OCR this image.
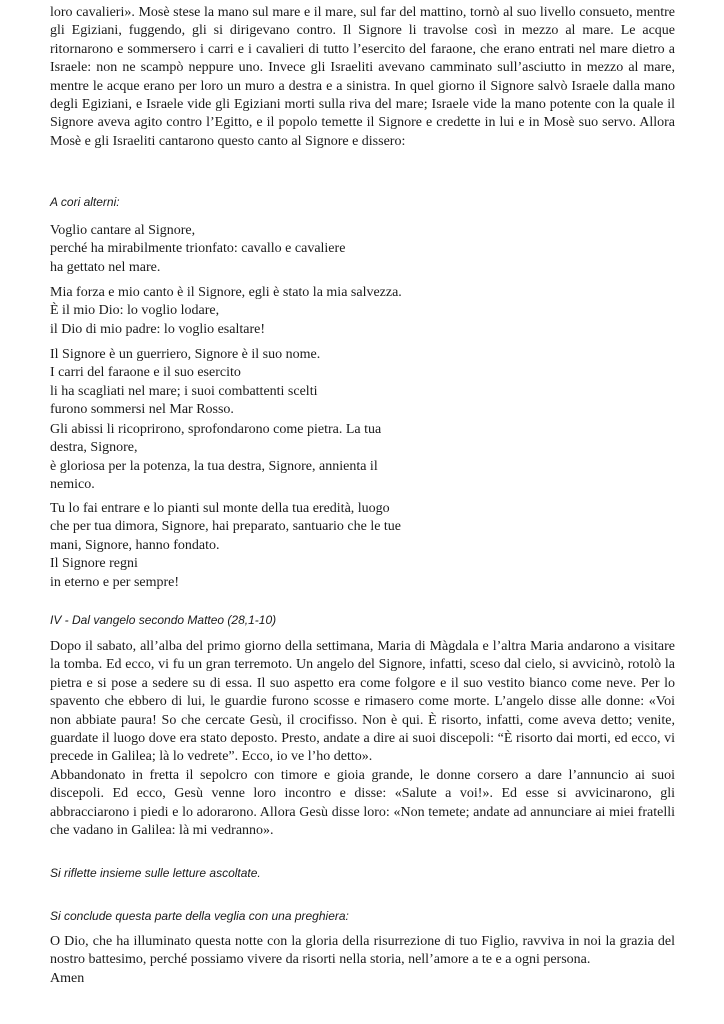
loro cavalieri». Mosè stese la mano sul mare e il mare, sul far del mattino, tornò al suo livello consueto, mentre gli Egiziani, fuggendo, gli si dirigevano contro. Il Signore li travolse così in mezzo al mare. Le acque ritornarono e sommersero i carri e i cavalieri di tutto l’esercito del faraone, che erano entrati nel mare dietro a Israele: non ne scampò neppure uno. Invece gli Israeliti avevano camminato sull’asciutto in mezzo al mare, mentre le acque erano per loro un muro a destra e a sinistra. In quel giorno il Signore salvò Israele dalla mano degli Egiziani, e Israele vide gli Egiziani morti sulla riva del mare; Israele vide la mano potente con la quale il Signore aveva agito contro l’Egitto, e il popolo temette il Signore e credette in lui e in Mosè suo servo. Allora Mosè e gli Israeliti cantarono questo canto al Signore e dissero:

A cori alterni:

Voglio cantare al Signore,
perché ha mirabilmente trionfato: cavallo e cavaliere
ha gettato nel mare.
Mia forza e mio canto è il Signore, egli è stato la mia salvezza.
È il mio Dio: lo voglio lodare,
il Dio di mio padre: lo voglio esaltare!
Il Signore è un guerriero, Signore è il suo nome.
I carri del faraone e il suo esercito
li ha scagliati nel mare; i suoi combattenti scelti
furono sommersi nel Mar Rosso.
Gli abissi li ricoprirono, sprofondarono come pietra. La tua
destra, Signore,
è gloriosa per la potenza, la tua destra, Signore, annienta il
nemico.
Tu lo fai entrare e lo pianti sul monte della tua eredità, luogo
che per tua dimora, Signore, hai preparato, santuario che le tue
mani, Signore, hanno fondato.
Il Signore regni
in eterno e per sempre!

IV - Dal vangelo secondo Matteo (28,1-10)

Dopo il sabato, all’alba del primo giorno della settimana, Maria di Màgdala e l’altra Maria andarono a visitare la tomba. Ed ecco, vi fu un gran terremoto. Un angelo del Signore, infatti, sceso dal cielo, si avvicinò, rotolò la pietra e si pose a sedere su di essa. Il suo aspetto era come folgore e il suo vestito bianco come neve. Per lo spavento che ebbero di lui, le guardie furono scosse e rimasero come morte. L’angelo disse alle donne: «Voi non abbiate paura! So che cercate Gesù, il crocifisso. Non è qui. È risorto, infatti, come aveva detto; venite, guardate il luogo dove era stato deposto. Presto, andate a dire ai suoi discepoli: “È risorto dai morti, ed ecco, vi precede in Galilea; là lo vedrete”. Ecco, io ve l’ho detto».

Abbandonato in fretta il sepolcro con timore e gioia grande, le donne corsero a dare l’annuncio ai suoi discepoli. Ed ecco, Gesù venne loro incontro e disse: «Salute a voi!». Ed esse si avvicinarono, gli abbracciarono i piedi e lo adorarono. Allora Gesù disse loro: «Non temete; andate ad annunciare ai miei fratelli che vadano in Galilea: là mi vedranno».

Si riflette insieme sulle letture ascoltate.

Si conclude questa parte della veglia con una preghiera:

O Dio, che ha illuminato questa notte con la gloria della risurrezione di tuo Figlio, ravviva in noi la grazia del nostro battesimo, perché possiamo vivere da risorti nella storia, nell’amore a te e a ogni persona.

Amen
